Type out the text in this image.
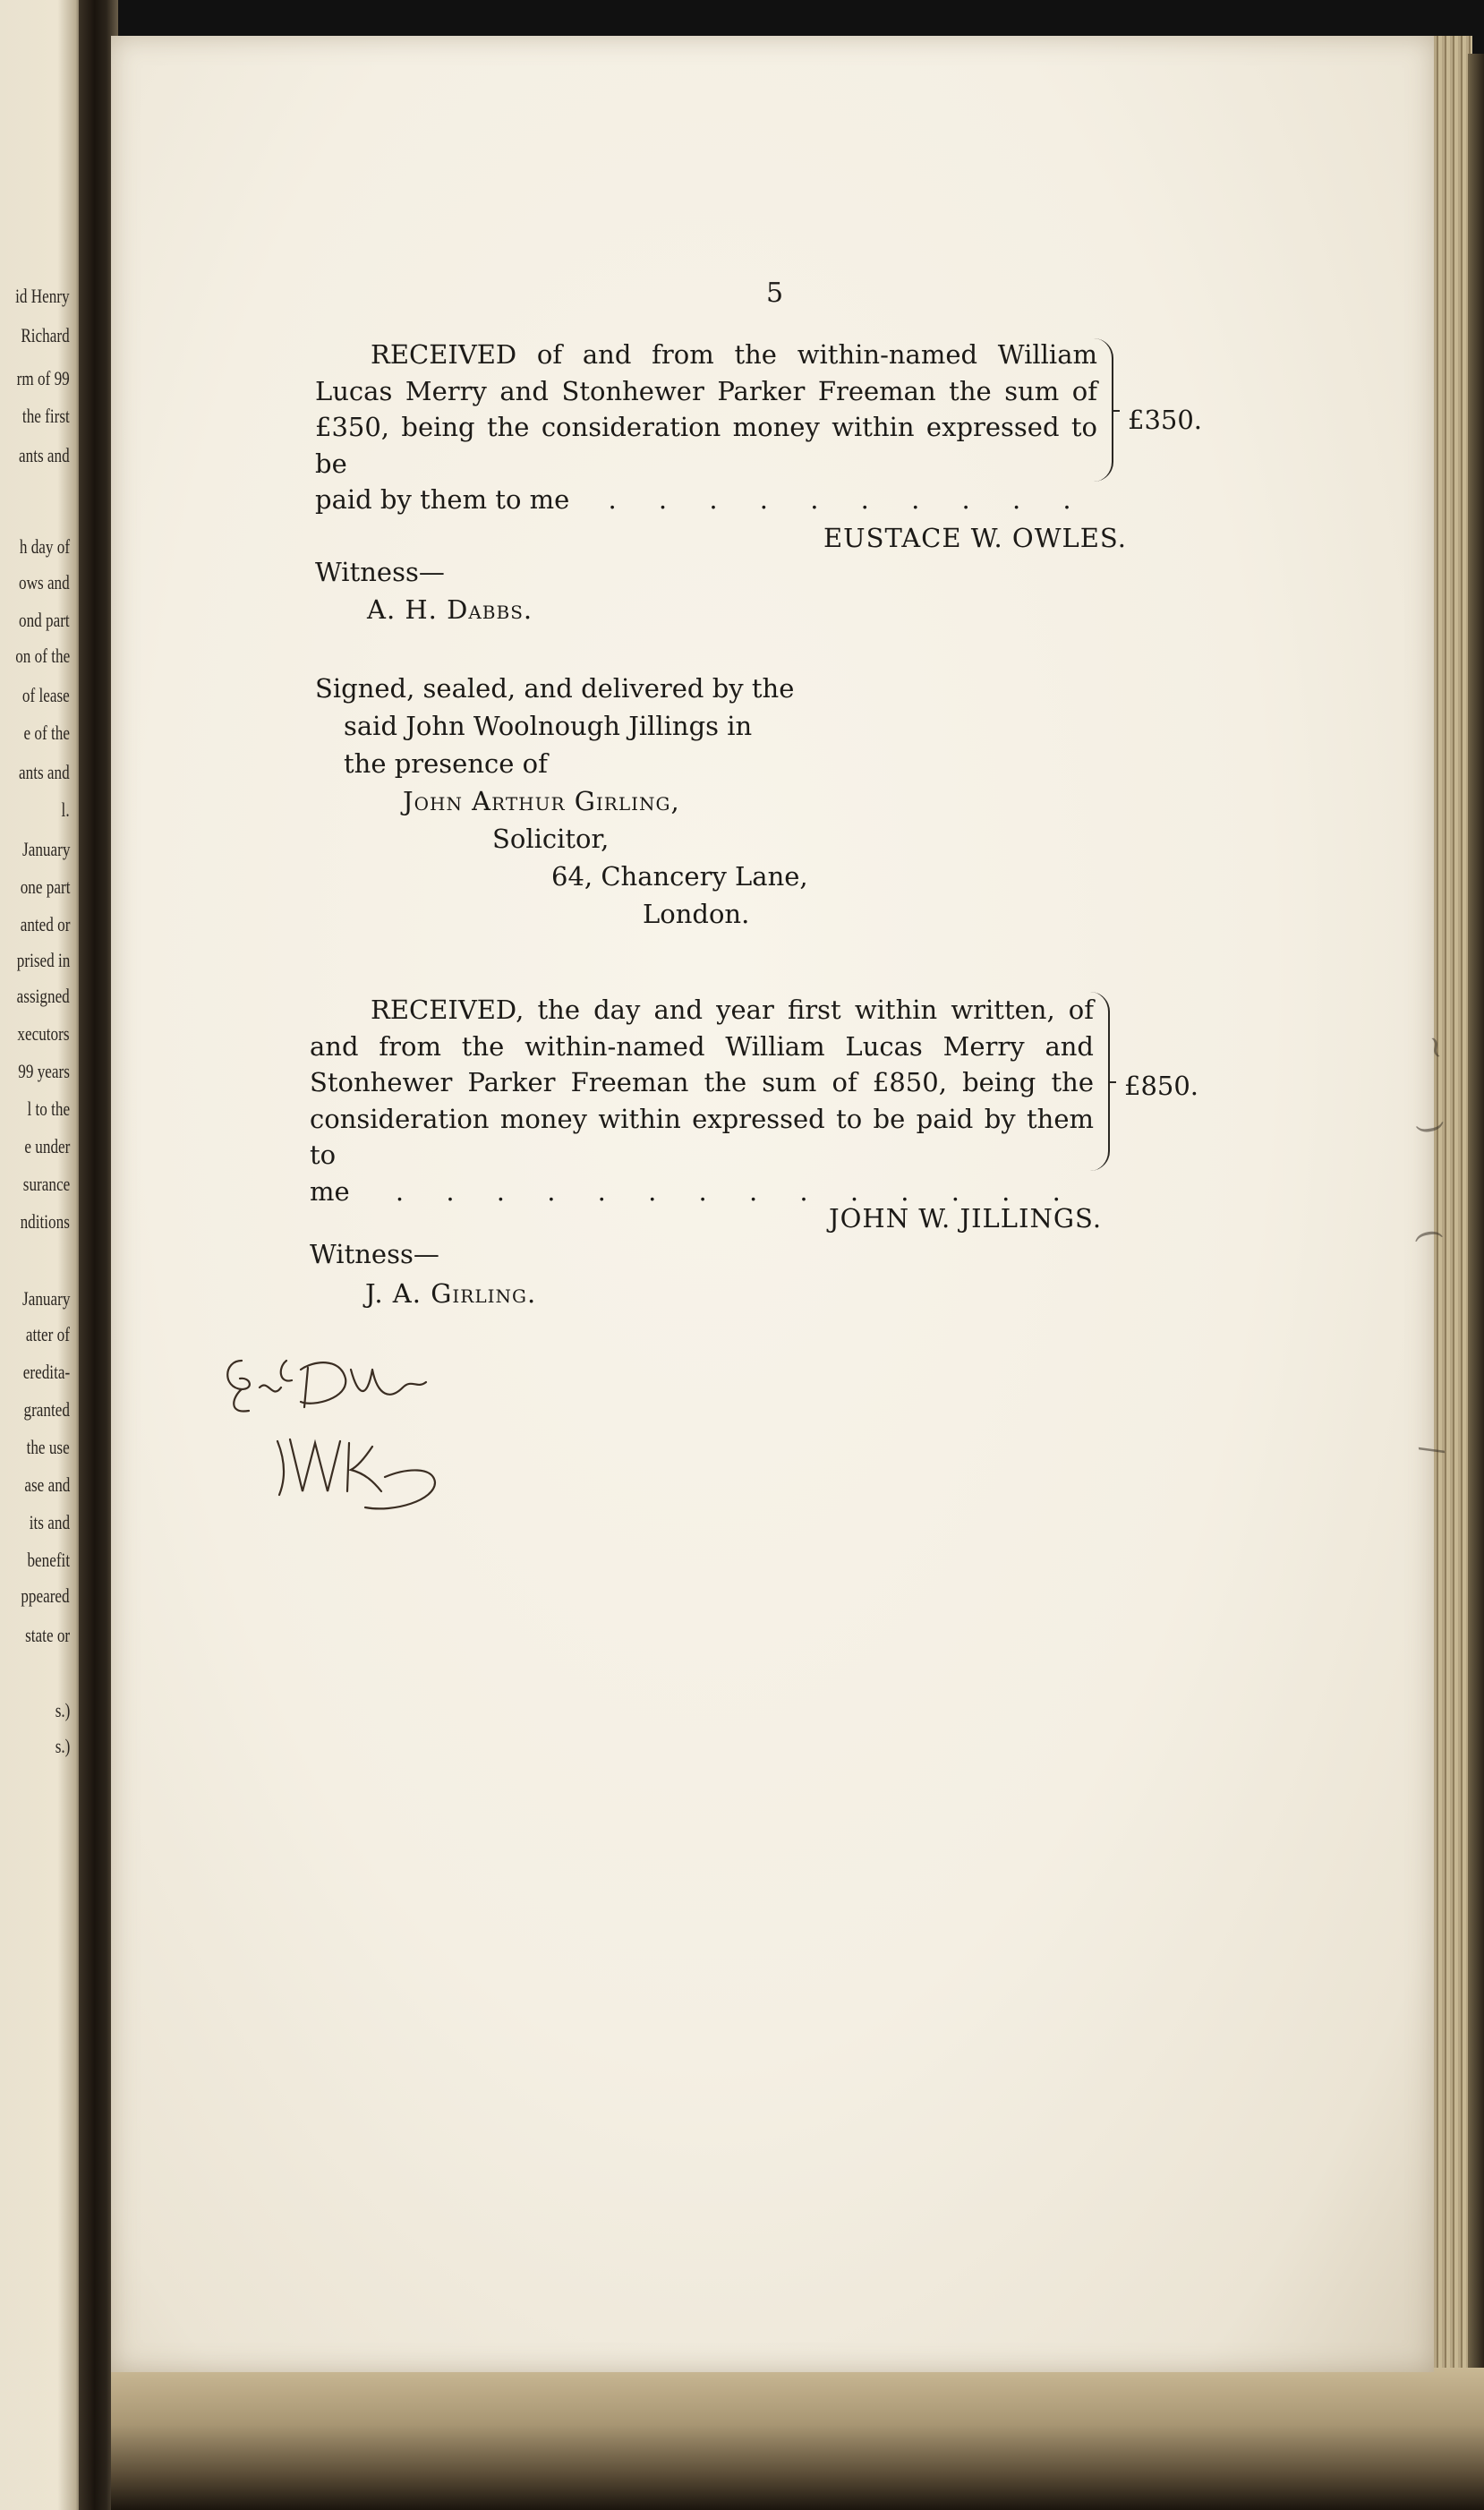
id Henry
Richard
rm of 99
the first
ants and
h day of
ows and
ond part
on of the
of lease
e of the
ants and
l.
January
one part
anted or
prised in
assigned
xecutors
99 years
l to the
e under
surance
nditions
January
atter of
eredita-
granted
the use
ase and
its and
benefit
ppeared
state or
s.)
s.)
5
RECEIVED of and from the within-named William
Lucas Merry and Stonhewer Parker Freeman the sum of
£350, being the consideration money within expressed to be
paid by them to me . . . . . . . . . .
£350.
EUSTACE W. OWLES.
Witness—
A. H. Dabbs.
Signed, sealed, and delivered by the
said John Woolnough Jillings in
the presence of
John Arthur Girling,
Solicitor,
64, Chancery Lane,
London.
RECEIVED, the day and year first within written, of
and from the within-named William Lucas Merry and
Stonhewer Parker Freeman the sum of £850, being the
consideration money within expressed to be paid by them to
me . . . . . . . . . . . . . .
£850.
JOHN W. JILLINGS.
Witness—
J. A. Girling.
~
)
(
/
